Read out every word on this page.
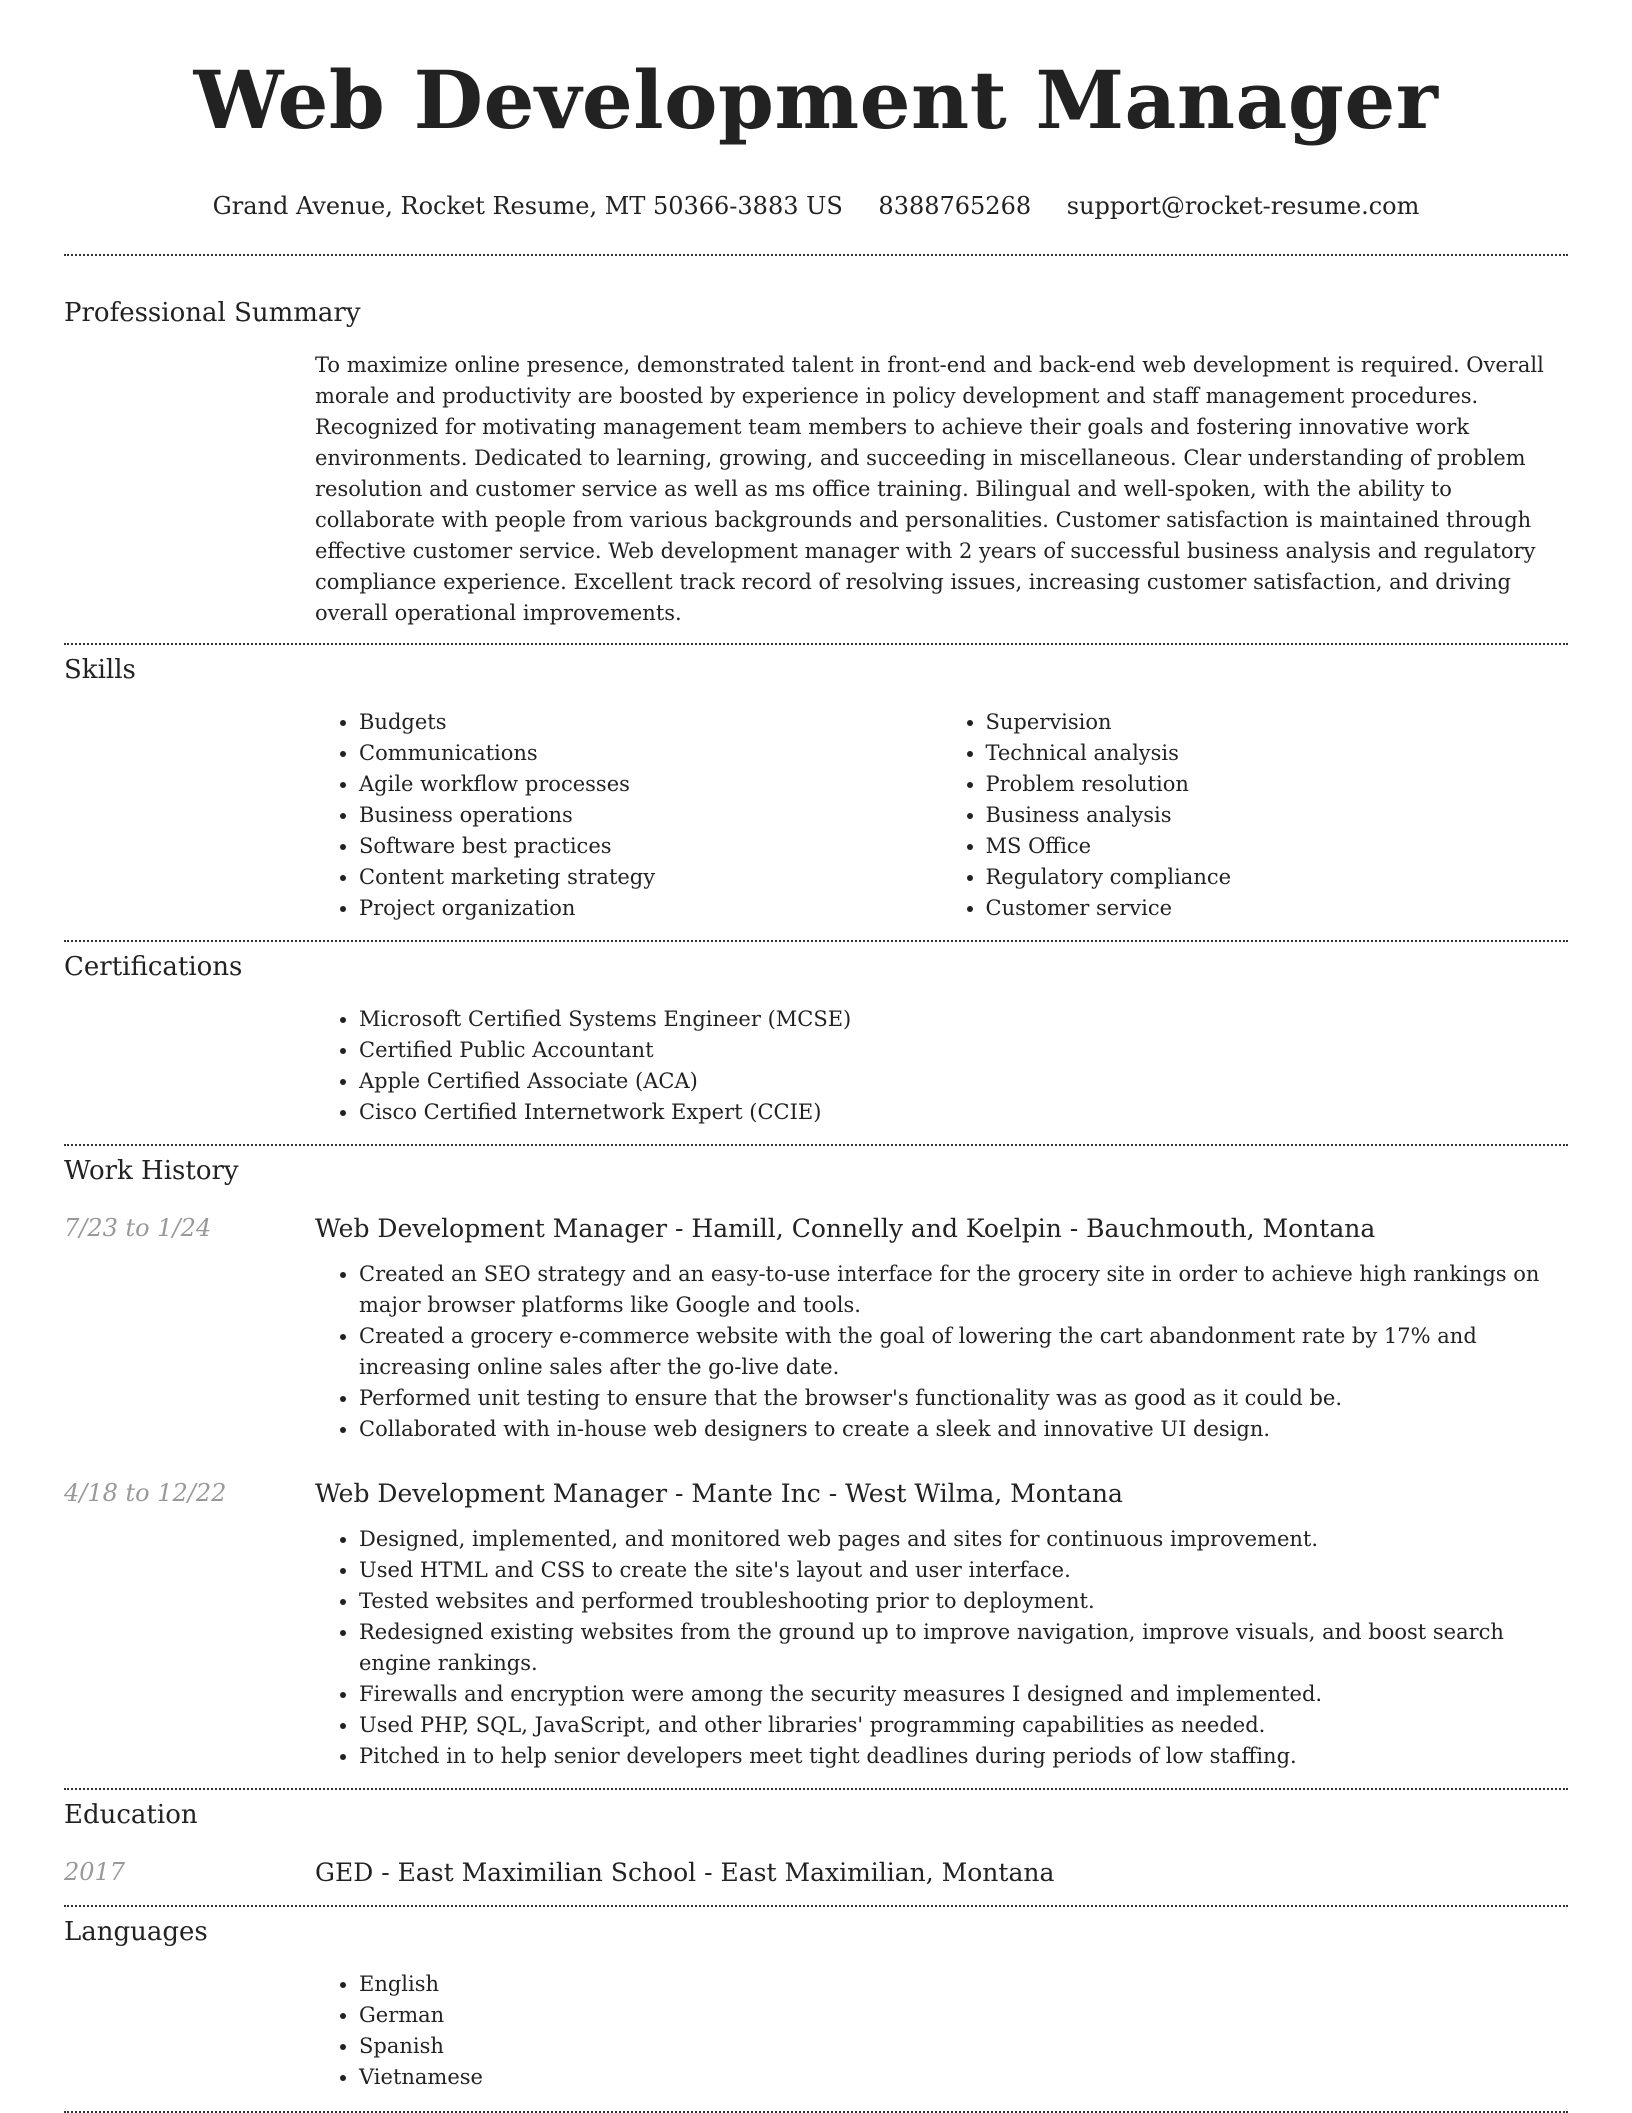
Web Development Manager
Grand Avenue, Rocket Resume, MT 50366-3883 US 8388765268 support@rocket-resume.com
Professional Summary
To maximize online presence, demonstrated talent in front-end and back-end web development is required. Overall morale and productivity are boosted by experience in policy development and staff management procedures. Recognized for motivating management team members to achieve their goals and fostering innovative work environments. Dedicated to learning, growing, and succeeding in miscellaneous. Clear understanding of problem resolution and customer service as well as ms office training. Bilingual and well-spoken, with the ability to collaborate with people from various backgrounds and personalities. Customer satisfaction is maintained through effective customer service. Web development manager with 2 years of successful business analysis and regulatory compliance experience. Excellent track record of resolving issues, increasing customer satisfaction, and driving overall operational improvements.
Skills
• Budgets
• Communications
• Agile workflow processes
• Business operations
• Software best practices
• Content marketing strategy
• Project organization
• Supervision
• Technical analysis
• Problem resolution
• Business analysis
• MS Office
• Regulatory compliance
• Customer service
Certifications
• Microsoft Certified Systems Engineer (MCSE)
• Certified Public Accountant
• Apple Certified Associate (ACA)
• Cisco Certified Internetwork Expert (CCIE)
Work History
7/23 to 1/24	Web Development Manager - Hamill, Connelly and Koelpin - Bauchmouth, Montana
• Created an SEO strategy and an easy-to-use interface for the grocery site in order to achieve high rankings on major browser platforms like Google and tools.
• Created a grocery e-commerce website with the goal of lowering the cart abandonment rate by 17% and increasing online sales after the go-live date.
• Performed unit testing to ensure that the browser's functionality was as good as it could be.
• Collaborated with in-house web designers to create a sleek and innovative UI design.
4/18 to 12/22	Web Development Manager - Mante Inc - West Wilma, Montana
• Designed, implemented, and monitored web pages and sites for continuous improvement.
• Used HTML and CSS to create the site's layout and user interface.
• Tested websites and performed troubleshooting prior to deployment.
• Redesigned existing websites from the ground up to improve navigation, improve visuals, and boost search engine rankings.
• Firewalls and encryption were among the security measures I designed and implemented.
• Used PHP, SQL, JavaScript, and other libraries' programming capabilities as needed.
• Pitched in to help senior developers meet tight deadlines during periods of low staffing.
Education
2017	GED - East Maximilian School - East Maximilian, Montana
Languages
• English
• German
• Spanish
• Vietnamese
